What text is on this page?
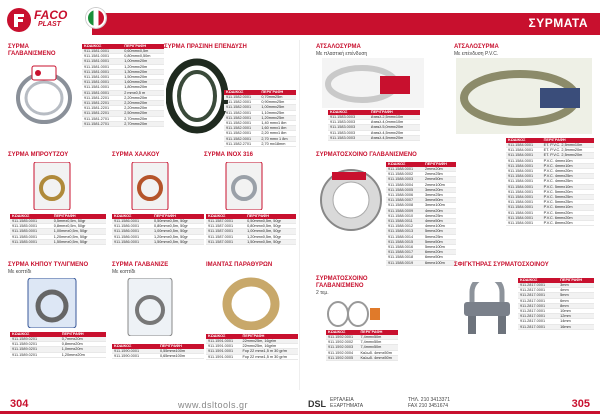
FACO
PLAST	ΣΥΡΜΑΤΑ
ΣΥΡΜΑ
ΓΑΛΒΑΝΙΣΜΕΝΟ
ΚΩΔΙΚΟΣ	ΠΕΡΙΓΡΑΦΗ
911.1581.0001	0,60mmx0,5m
911.1581.0001	0,80mmx0,50m
911.1581.0001	1,00mmx20m
911.1581.0001	1,20mmx20m
911.1581.0001	1,30mmx20m
911.1581.0001	1,50mmx20m
911.1581.0001	1,60mmx20m
911.1581.0001	1,80mmx20m
911.1581.0001	2 mmx0,5 m
911.1581.2201	2,20mmx20m
911.1581.2201	2,20mmx20m
911.1581.2201	2,20mmx20m
911.1581.2201	2,50mmx20m
911.1581.2701	2,70mmx20m
911.1581.2701	2,70mmx20m
ΣΥΡΜΑ ΠΡΑΣΙΝΗ ΕΠΕΝΔΥΣΗ
ΚΩΔΙΚΟΣ	ΠΕΡΙΓΡΑΦΗ
911.1582.0001	0,70mm25m
911.1582.0001	0,90mmx25m
911.1582.0001	1,00mmx25m
911.1582.0001	1,10mmx25m
911.1582.0001	1,20mmx25m
911.1582.0001	1,40 mmx1 8m
911.1582.0001	1,60 mmx1 8m
911.1582.0001	2,20 mmx1 8m
911.1582.0001	2,70 mmx 1 8m
911.1582.2701	2,70 mx18mm
ΑΤΣΑΛΟΣΥΡΜΑ
Με πλαστική επένδυση
ΚΩΔΙΚΟΣ	ΠΕΡΙΓΡΑΦΗ
911.1583.0003	Ατσαλ.2,5mmx10m
911.1583.0003	Ατσαλ.4,0mmx10m
911.1583.0003	Ατσαλ.5,0mmx20m
911.1583.0003	Ατσαλ.4,5mmx20m
911.1583.0003	Ατσαλ.4,5mmx20m
ΑΤΣΑΛΟΣΥΡΜΑ
Με επένδυση P.V.C.
ΚΩΔΙΚΟΣ	ΠΕΡΙΓΡΑΦΗ
911.1584.0001	ΕΤ. P.V.C. 2,5mmx10m
911.1584.0001	ΕΤ. P.V.C. 2,5mmx20m
911.1584.0001	ΕΤ. P.V.C. 2,5mmx20m
911.1584.0001	P.V.C. 4mmx10m
911.1584.0001	P.V.C. 4mmx10m
911.1584.0001	P.V.C. 4mmx20m
911.1584.0001	P.V.C. 4mmx25m
911.1584.0001	P.V.C. 4mmx25m
911.1584.0001	P.V.C. 5mmx10m
911.1584.0001	P.V.C. 5mmx20m
911.1584.0001	P.V.C. 5mmx25m
911.1584.0001	P.V.C. 5mmx25m
911.1584.0001	P.V.C. 6mmx10m
911.1584.0001	P.V.C. 6mmx20m
911.1584.0001	P.V.C. 6mmx20m
911.1584.0001	P.V.C. 8mmx20m
ΣΥΡΜΑ ΜΠΡΟΥΤΖΟΥ
ΚΩΔΙΚΟΣ	ΠΕΡΙΓΡΑΦΗ
911.1585.0001	0,5mmx0,5m, 50gr
911.1585.0001	0,8mmx0,5m, 50gr
911.1585.0001	1,00mmx0,5m, 50gr
911.1585.0001	1,20mmx0,5m, 50gr
911.1585.0001	1,50mmx0,5m, 50gr
ΣΥΡΜΑ ΧΑΛΚΟΥ
ΚΩΔΙΚΟΣ	ΠΕΡΙΓΡΑΦΗ
911.1586.0001	0,50mmx0,5m, 50gr
911.1586.0001	0,80mmx0,5m, 50gr
911.1586.0001	1,00mmx0,5m, 50gr
911.1586.0001	1,20mmx0,5m, 50gr
911.1586.0001	1,50mmx0,5m, 50gr
ΣΥΡΜΑ ΙΝΟΧ 316
ΚΩΔΙΚΟΣ	ΠΕΡΙΓΡΑΦΗ
911.1587.0001	0,50mmx0,5m, 50gr
911.1587.0001	0,80mmx0,5m, 50gr
911.1587.0001	1,00mmx0,5m, 50gr
911.1587.0001	1,20mmx0,5m, 50gr
911.1587.0001	1,50mmx0,5m, 50gr
ΣΥΡΜΑΤΟΣΧΟΙΝΟ ΓΑΛΒΑΝΙΣΜΕΝΟ
ΚΩΔΙΚΟΣ	ΠΕΡΙΓΡΑΦΗ
911.1588.0001	2mmx20m
911.1588.0002	2mmx25m
911.1588.0003	2mmx50m
911.1588.0004	2mmx100m
911.1588.0005	3mmx20m
911.1588.0006	3mmx25m
911.1588.0007	3mmx50m
911.1588.0008	3mmx100m
911.1588.0009	4mmx20m
911.1588.0010	4mmx25m
911.1588.0011	4mmx50m
911.1588.0012	4mmx100m
911.1588.0013	5mmx20m
911.1588.0014	5mmx25m
911.1588.0015	5mmx50m
911.1588.0016	5mmx100m
911.1588.0017	6mmx20m
911.1588.0018	6mmx50m
911.1588.0019	6mmx100m
ΣΥΡΜΑΤΟΣΧΟΙΝΟ
ΓΑΛΒΑΝΙΣΜΕΝΟ
2 τεμ.
ΚΩΔΙΚΟΣ	ΠΕΡΙΓΡΑΦΗ
911.1592.0001	7,4mmx50m
911.1592.0002	7,4mmx50m
911.1592.0003	7,4mmx50m
911.1592.0004	Καλωδ. 4mmx50m
911.1592.0005	Καλωδ. 4mmx50m
ΣΥΡΜΑ ΚΗΠΟΥ ΤΥΛΙΓΜΕΝΟ
Με κοπτίδι
ΚΩΔΙΚΟΣ	ΠΕΡΙΓΡΑΦΗ
911.1589.0201	0,7mmx20m
911.1589.0201	0,8mmx20m
911.1589.0201	1,0mmx20m
911.1589.0201	1,20mmx20m
ΣΥΡΜΑ ΓΑΛΒΑΝΙΖΕ
Με κοπτίδι
ΚΩΔΙΚΟΣ	ΠΕΡΙΓΡΑΦΗ
911.1590.0001	0,55mmx100m
911.1590.0001	0,65mmx100m
ΙΜΑΝΤΑΣ ΠΑΡΑΘΥΡΩΝ
ΚΩΔΙΚΟΣ	ΠΕΡΙΓΡΑΦΗ
911.1591.0001	22mmx25m, 16gr/m
911.1591.0001	22mmx25m, 16gr/m
911.1591.0001	Fop 22 mmx1,5 m 30 gr/m
911.1591.0001	Fop 22 mmx1,5 m 30 gr/m
ΣΦΙΓΚΤΗΡΑΣ ΣΥΡΜΑΤΟΣΧΟΙΝΟΥ
ΚΩΔΙΚΟΣ	ΠΕΡΙΓΡΑΦΗ
911.2817.0001	3mm
911.2817.0001	4mm
911.2817.0001	5mm
911.2817.0001	6mm
911.2817.0001	8mm
911.2817.0001	10mm
911.2817.0001	12mm
911.2817.0001	14mm
911.2817.0001	16mm
304	www.dsltools.gr	DSL ΕΡΓΑΛΕΙΑ
ΕΞΑΡΤΗΜΑΤΑ
ΤΗΛ. 210 3413371
FAX 210 3451674	305
